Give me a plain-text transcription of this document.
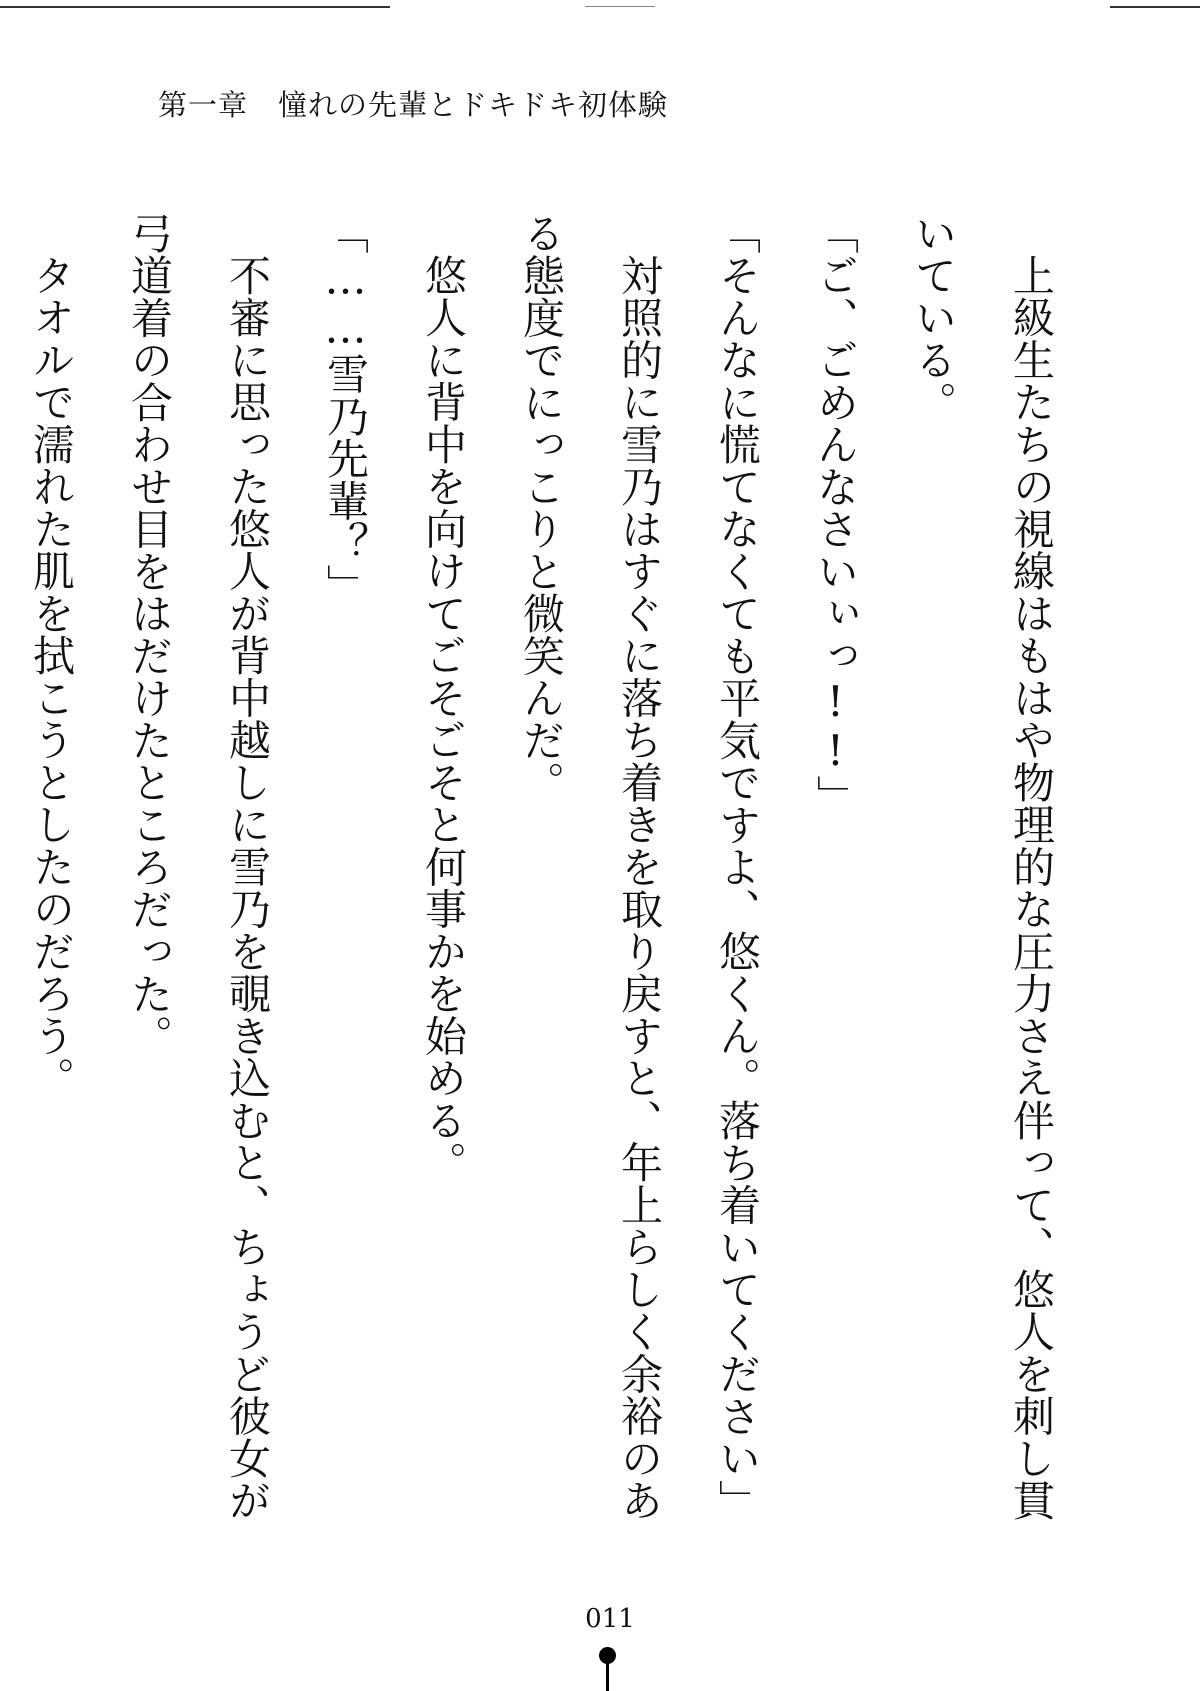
第一章　憧れの先輩とドキドキ初体験

上級生たちの視線はもはや物理的な圧力さえ伴って、悠人を刺し貫いている。

「ご、ごめんなさいぃっ!!」

「そんなに慌てなくても平気ですよ、悠くん。落ち着いてください」

対照的に雪乃はすぐに落ち着きを取り戻すと、年上らしく余裕のある態度でにっこりと微笑んだ。

悠人に背中を向けてごそごそと何事かを始める。

「……雪乃先輩？」

不審に思った悠人が背中越しに雪乃を覗き込むと、ちょうど彼女が弓道着の合わせ目をはだけたところだった。

タオルで濡れた肌を拭こうとしたのだろう。

011
